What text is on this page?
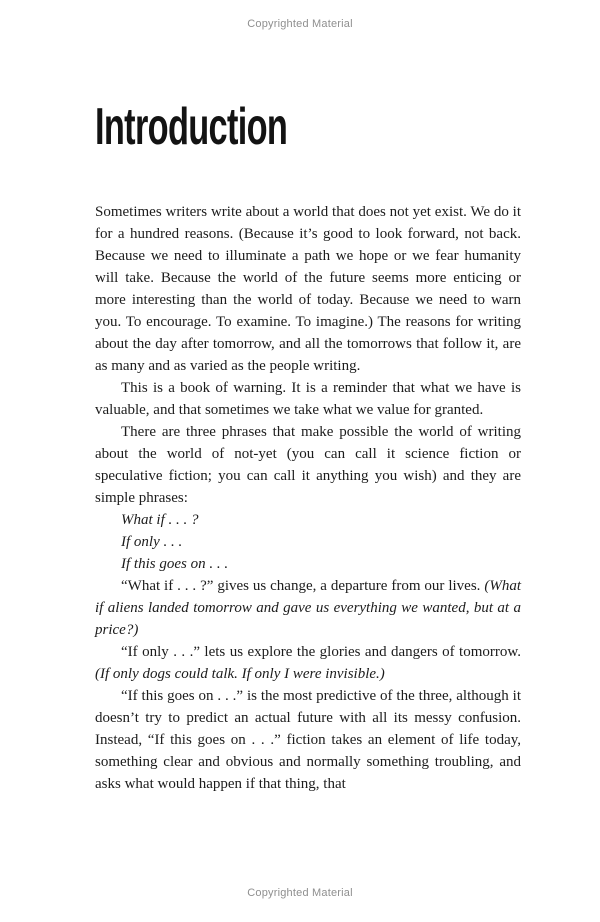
Copyrighted Material
Introduction

Sometimes writers write about a world that does not yet exist. We do it for a hundred reasons. (Because it’s good to look forward, not back. Because we need to illuminate a path we hope or we fear humanity will take. Because the world of the future seems more enticing or more interesting than the world of today. Because we need to warn you. To encourage. To examine. To imagine.) The reasons for writing about the day after tomorrow, and all the tomorrows that follow it, are as many and as varied as the people writing.

This is a book of warning. It is a reminder that what we have is valuable, and that sometimes we take what we value for granted.

There are three phrases that make possible the world of writing about the world of not-yet (you can call it science fiction or speculative fiction; you can call it anything you wish) and they are simple phrases:

What if . . . ?

If only . . .

If this goes on . . .

“What if . . . ?” gives us change, a departure from our lives. (What if aliens landed tomorrow and gave us everything we wanted, but at a price?)

“If only . . .” lets us explore the glories and dangers of tomorrow. (If only dogs could talk. If only I were invisible.)

“If this goes on . . .” is the most predictive of the three, although it doesn’t try to predict an actual future with all its messy confusion. Instead, “If this goes on . . .” fiction takes an element of life today, something clear and obvious and normally something troubling, and asks what would happen if that thing, that

Copyrighted Material
